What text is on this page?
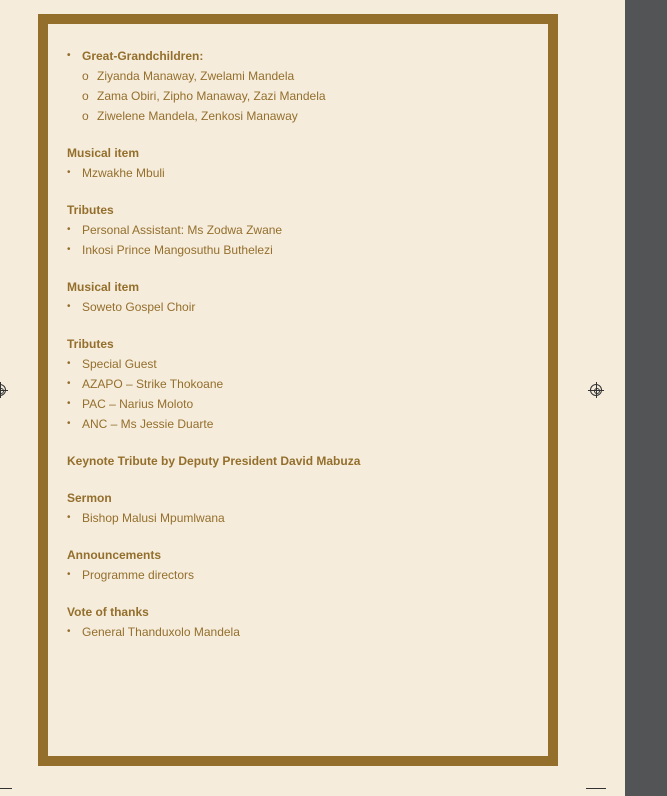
• Great-Grandchildren:
o Ziyanda Manaway, Zwelami Mandela
o Zama Obiri, Zipho Manaway, Zazi Mandela
o Ziwelene Mandela, Zenkosi Manaway
Musical item
• Mzwakhe Mbuli
Tributes
• Personal Assistant: Ms Zodwa Zwane
• Inkosi Prince Mangosuthu Buthelezi
Musical item
• Soweto Gospel Choir
Tributes
• Special Guest
• AZAPO – Strike Thokoane
• PAC – Narius Moloto
• ANC – Ms Jessie Duarte
Keynote Tribute by Deputy President David Mabuza
Sermon
• Bishop Malusi Mpumlwana
Announcements
• Programme directors
Vote of thanks
• General Thanduxolo Mandela
